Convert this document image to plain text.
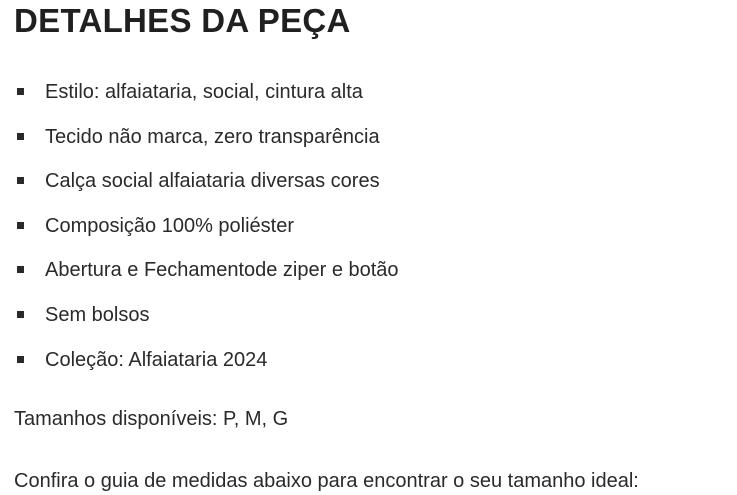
DETALHES DA PEÇA
Estilo: alfaiataria, social, cintura alta
Tecido não marca, zero transparência
Calça social alfaiataria diversas cores
Composição 100% poliéster
Abertura e Fechamentode ziper e botão
Sem bolsos
Coleção: Alfaiataria 2024

Tamanhos disponíveis: P, M, G

Confira o guia de medidas abaixo para encontrar o seu tamanho ideal:
